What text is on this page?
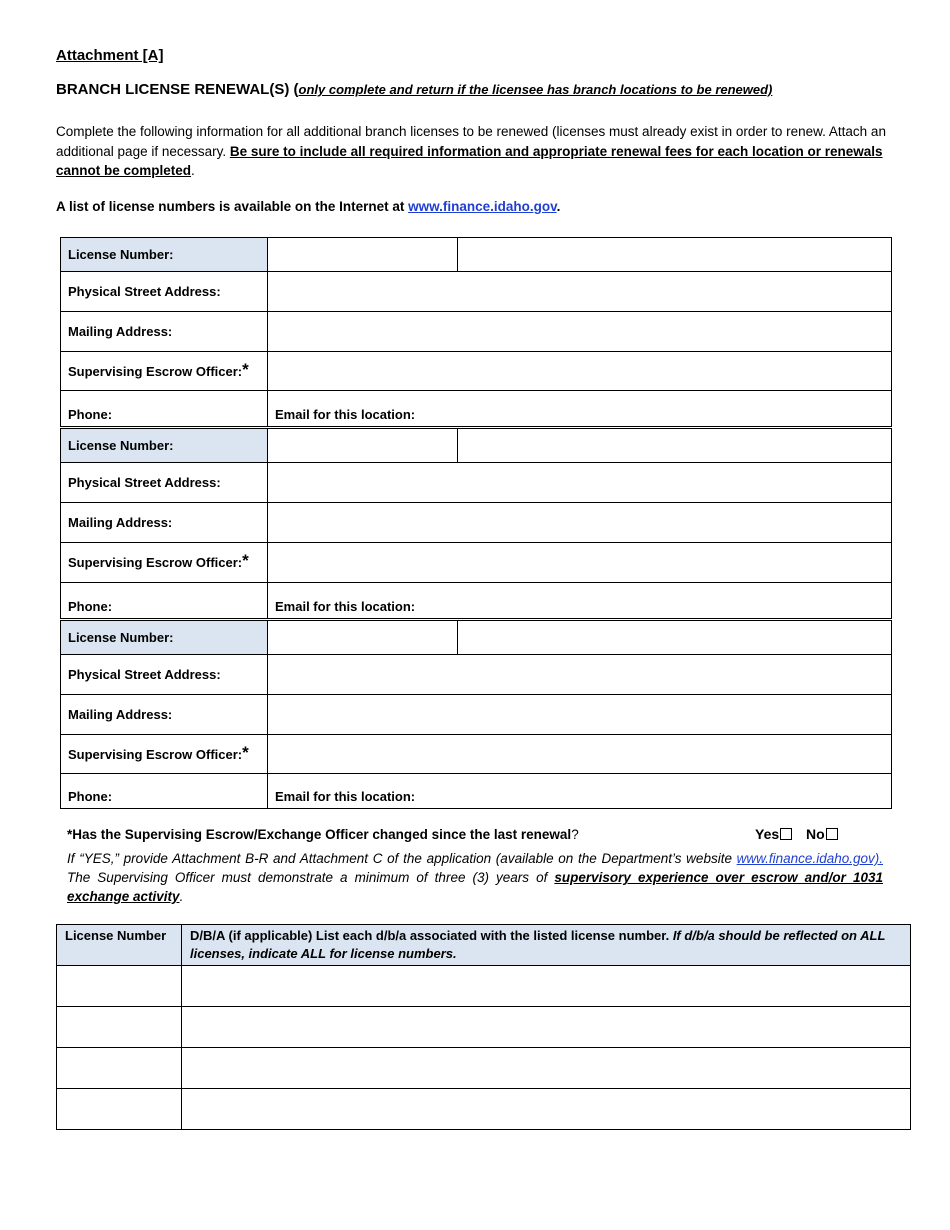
Attachment [A]
BRANCH LICENSE RENEWAL(S) (only complete and return if the licensee has branch locations to be renewed)
Complete the following information for all additional branch licenses to be renewed (licenses must already exist in order to renew. Attach an additional page if necessary. Be sure to include all required information and appropriate renewal fees for each location or renewals cannot be completed.
A list of license numbers is available on the Internet at www.finance.idaho.gov.
License Number:		
Physical Street Address:		
Mailing Address:		
Supervising Escrow Officer:*		
Phone:	Email for this location:	
License Number:		
Physical Street Address:		
Mailing Address:		
Supervising Escrow Officer:*		
Phone:	Email for this location:	
License Number:		
Physical Street Address:		
Mailing Address:		
Supervising Escrow Officer:*		
Phone:	Email for this location:	
*Has the Supervising Escrow/Exchange Officer changed since the last renewal?	Yes No
If “YES,” provide Attachment B-R and Attachment C of the application (available on the Department’s website www.finance.idaho.gov). The Supervising Officer must demonstrate a minimum of three (3) years of supervisory experience over escrow and/or 1031 exchange activity.
License Number	D/B/A (if applicable) List each d/b/a associated with the listed license number. If d/b/a should be reflected on ALL licenses, indicate ALL for license numbers.
